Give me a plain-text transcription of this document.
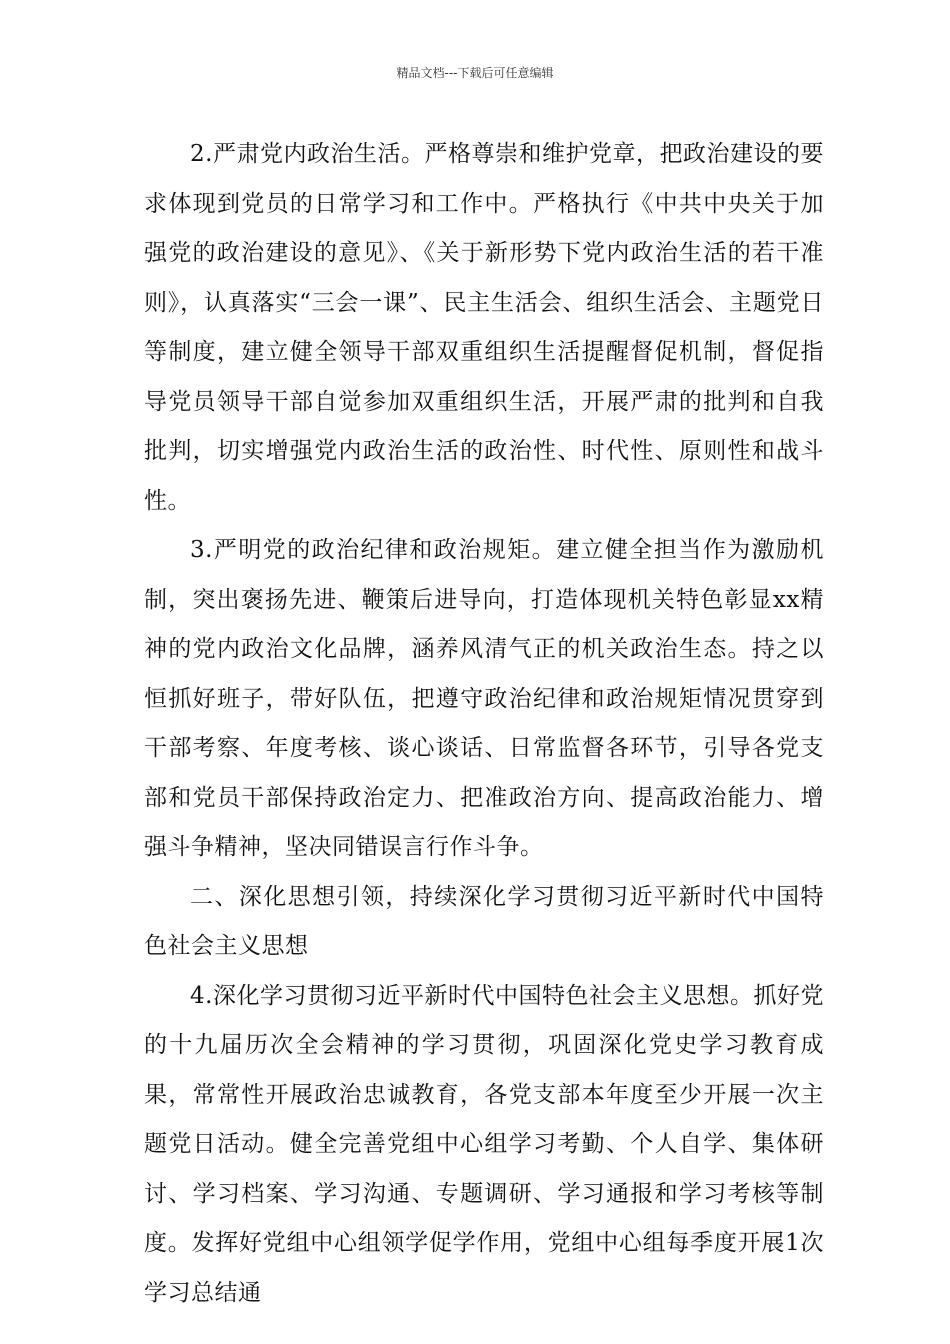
精品文档---下载后可任意编辑

2.严肃党内政治生活。严格尊崇和维护党章，把政治建设的要求体现到党员的日常学习和工作中。严格执行《中共中央关于加强党的政治建设的意见》、《关于新形势下党内政治生活的若干准则》，认真落实“三会一课”、民主生活会、组织生活会、主题党日等制度，建立健全领导干部双重组织生活提醒督促机制，督促指导党员领导干部自觉参加双重组织生活，开展严肃的批判和自我批判，切实增强党内政治生活的政治性、时代性、原则性和战斗性。

3.严明党的政治纪律和政治规矩。建立健全担当作为激励机制，突出褒扬先进、鞭策后进导向，打造体现机关特色彰显xx精神的党内政治文化品牌，涵养风清气正的机关政治生态。持之以恒抓好班子，带好队伍，把遵守政治纪律和政治规矩情况贯穿到干部考察、年度考核、谈心谈话、日常监督各环节，引导各党支部和党员干部保持政治定力、把准政治方向、提高政治能力、增强斗争精神，坚决同错误言行作斗争。

二、深化思想引领，持续深化学习贯彻习近平新时代中国特色社会主义思想

4.深化学习贯彻习近平新时代中国特色社会主义思想。抓好党的十九届历次全会精神的学习贯彻，巩固深化党史学习教育成果，常常性开展政治忠诚教育，各党支部本年度至少开展一次主题党日活动。健全完善党组中心组学习考勤、个人自学、集体研讨、学习档案、学习沟通、专题调研、学习通报和学习考核等制度。发挥好党组中心组领学促学作用，党组中心组每季度开展1次学习总结通
